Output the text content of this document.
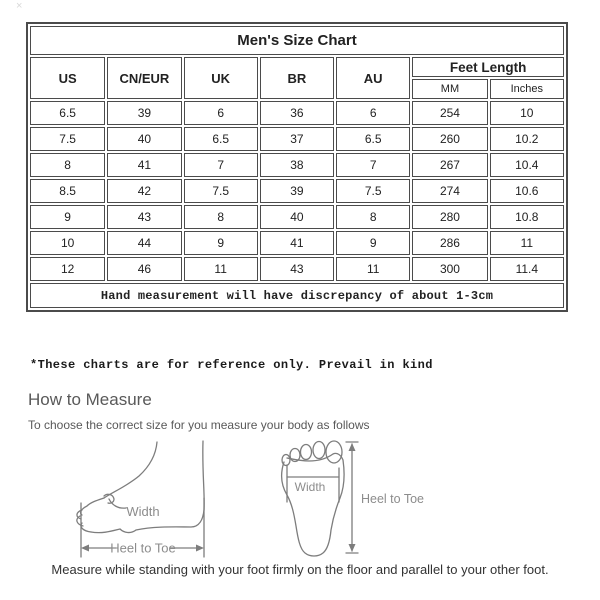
×
Men's Size Chart						
US	CN/EUR	UK	BR	AU	Feet Length	
					MM	Inches
6.5	39	6	36	6	254	10
7.5	40	6.5	37	6.5	260	10.2
8	41	7	38	7	267	10.4
8.5	42	7.5	39	7.5	274	10.6
9	43	8	40	8	280	10.8
10	44	9	41	9	286	11
12	46	11	43	11	300	11.4
Hand measurement will have discrepancy of about 1-3cm						
*These charts are for reference only. Prevail in kind
How to Measure
To choose the correct size for you measure your body as follows
Width
Heel to Toe
Width
Heel to Toe
Measure while standing with your foot firmly on the floor and parallel to your other foot.
